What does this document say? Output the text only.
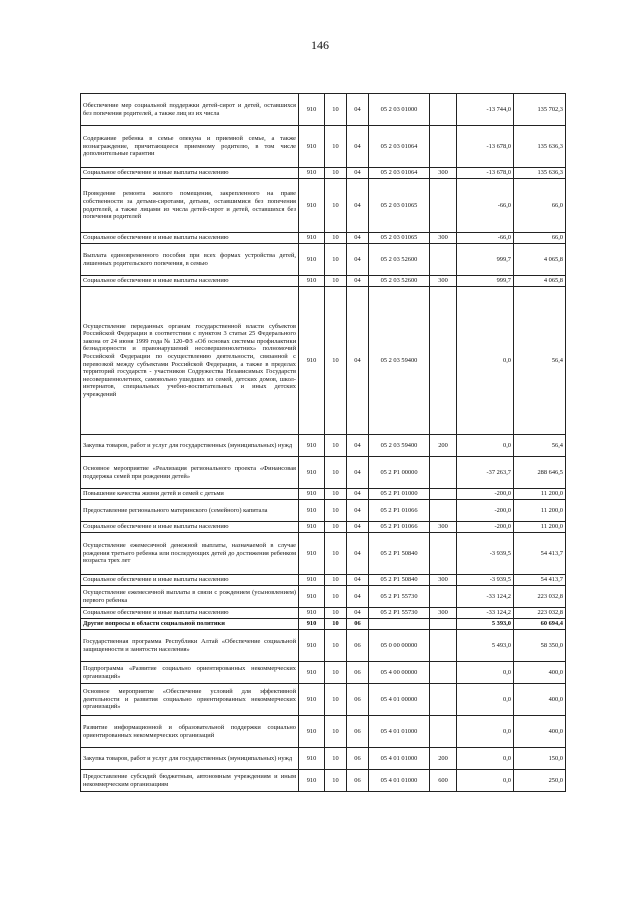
146
Обеспечение мер социальной поддержки детей-сирот и детей, оставшихся без попечения родителей, а также лиц из их числа	910	10	04	05 2 03 01000		-13 744,0	135 702,3
Содержание ребенка в семье опекуна и приемной семье, а также вознаграждение, причитающееся приемному родителю, в том числе дополнительные гарантии	910	10	04	05 2 03 01064		-13 678,0	135 636,3
Социальное обеспечение и иные выплаты населению	910	10	04	05 2 03 01064	300	-13 678,0	135 636,3
Проведение ремонта жилого помещения, закрепленного на праве собственности за детьми-сиротами, детьми, оставшимися без попечения родителей, а также лицами из числа детей-сирот и детей, оставшихся без попечения родителей	910	10	04	05 2 03 01065		-66,0	66,0
Социальное обеспечение и иные выплаты населению	910	10	04	05 2 03 01065	300	-66,0	66,0
Выплата единовременного пособия при всех формах устройства детей, лишенных родительского попечения, в семью	910	10	04	05 2 03 52600		999,7	4 065,8
Социальное обеспечение и иные выплаты населению	910	10	04	05 2 03 52600	300	999,7	4 065,8
Осуществление переданных органам государственной власти субъектов Российской Федерации в соответствии с пунктом 3 статьи 25 Федерального закона от 24 июня 1999 года № 120-ФЗ «Об основах системы профилактики безнадзорности и правонарушений несовершеннолетних» полномочий Российской Федерации по осуществлению деятельности, связанной с перевозкой между субъектами Российской Федерации, а также в пределах территорий государств - участников Содружества Независимых Государств несовершеннолетних, самовольно ушедших из семей, детских домов, школ-интернатов, специальных учебно-воспитательных и иных детских учреждений	910	10	04	05 2 03 59400		0,0	56,4
Закупка товаров, работ и услуг для государственных (муниципальных) нужд	910	10	04	05 2 03 59400	200	0,0	56,4
Основное мероприятие «Реализация регионального проекта «Финансовая поддержка семей при рождении детей»	910	10	04	05 2 P1 00000		-37 263,7	288 646,5
Повышение качества жизни детей и семей с детьми	910	10	04	05 2 P1 01000		-200,0	11 200,0
Предоставление регионального материнского (семейного) капитала	910	10	04	05 2 P1 01066		-200,0	11 200,0
Социальное обеспечение и иные выплаты населению	910	10	04	05 2 P1 01066	300	-200,0	11 200,0
Осуществление ежемесячной денежной выплаты, назначаемой в случае рождения третьего ребенка или последующих детей до достижения ребенком возраста трех лет	910	10	04	05 2 P1 50840		-3 939,5	54 413,7
Социальное обеспечение и иные выплаты населению	910	10	04	05 2 P1 50840	300	-3 939,5	54 413,7
Осуществление ежемесячной выплаты в связи с рождением (усыновлением) первого ребенка	910	10	04	05 2 P1 55730		-33 124,2	223 032,8
Социальное обеспечение и иные выплаты населению	910	10	04	05 2 P1 55730	300	-33 124,2	223 032,8
Другие вопросы в области социальной политики	910	10	06			5 393,0	60 694,4
Государственная программа Республики Алтай «Обеспечение социальной защищенности и занятости населения»	910	10	06	05 0 00 00000		5 493,0	58 350,0
Подпрограмма «Развитие социально ориентированных некоммерческих организаций»	910	10	06	05 4 00 00000		0,0	400,0
Основное мероприятие «Обеспечение условий для эффективной деятельности и развития социально ориентированных некоммерческих организаций»	910	10	06	05 4 01 00000		0,0	400,0
Развитие информационной и образовательной поддержки социально ориентированных некоммерческих организаций	910	10	06	05 4 01 01000		0,0	400,0
Закупка товаров, работ и услуг для государственных (муниципальных) нужд	910	10	06	05 4 01 01000	200	0,0	150,0
Предоставление субсидий бюджетным, автономным учреждениям и иным некоммерческим организациям	910	10	06	05 4 01 01000	600	0,0	250,0
